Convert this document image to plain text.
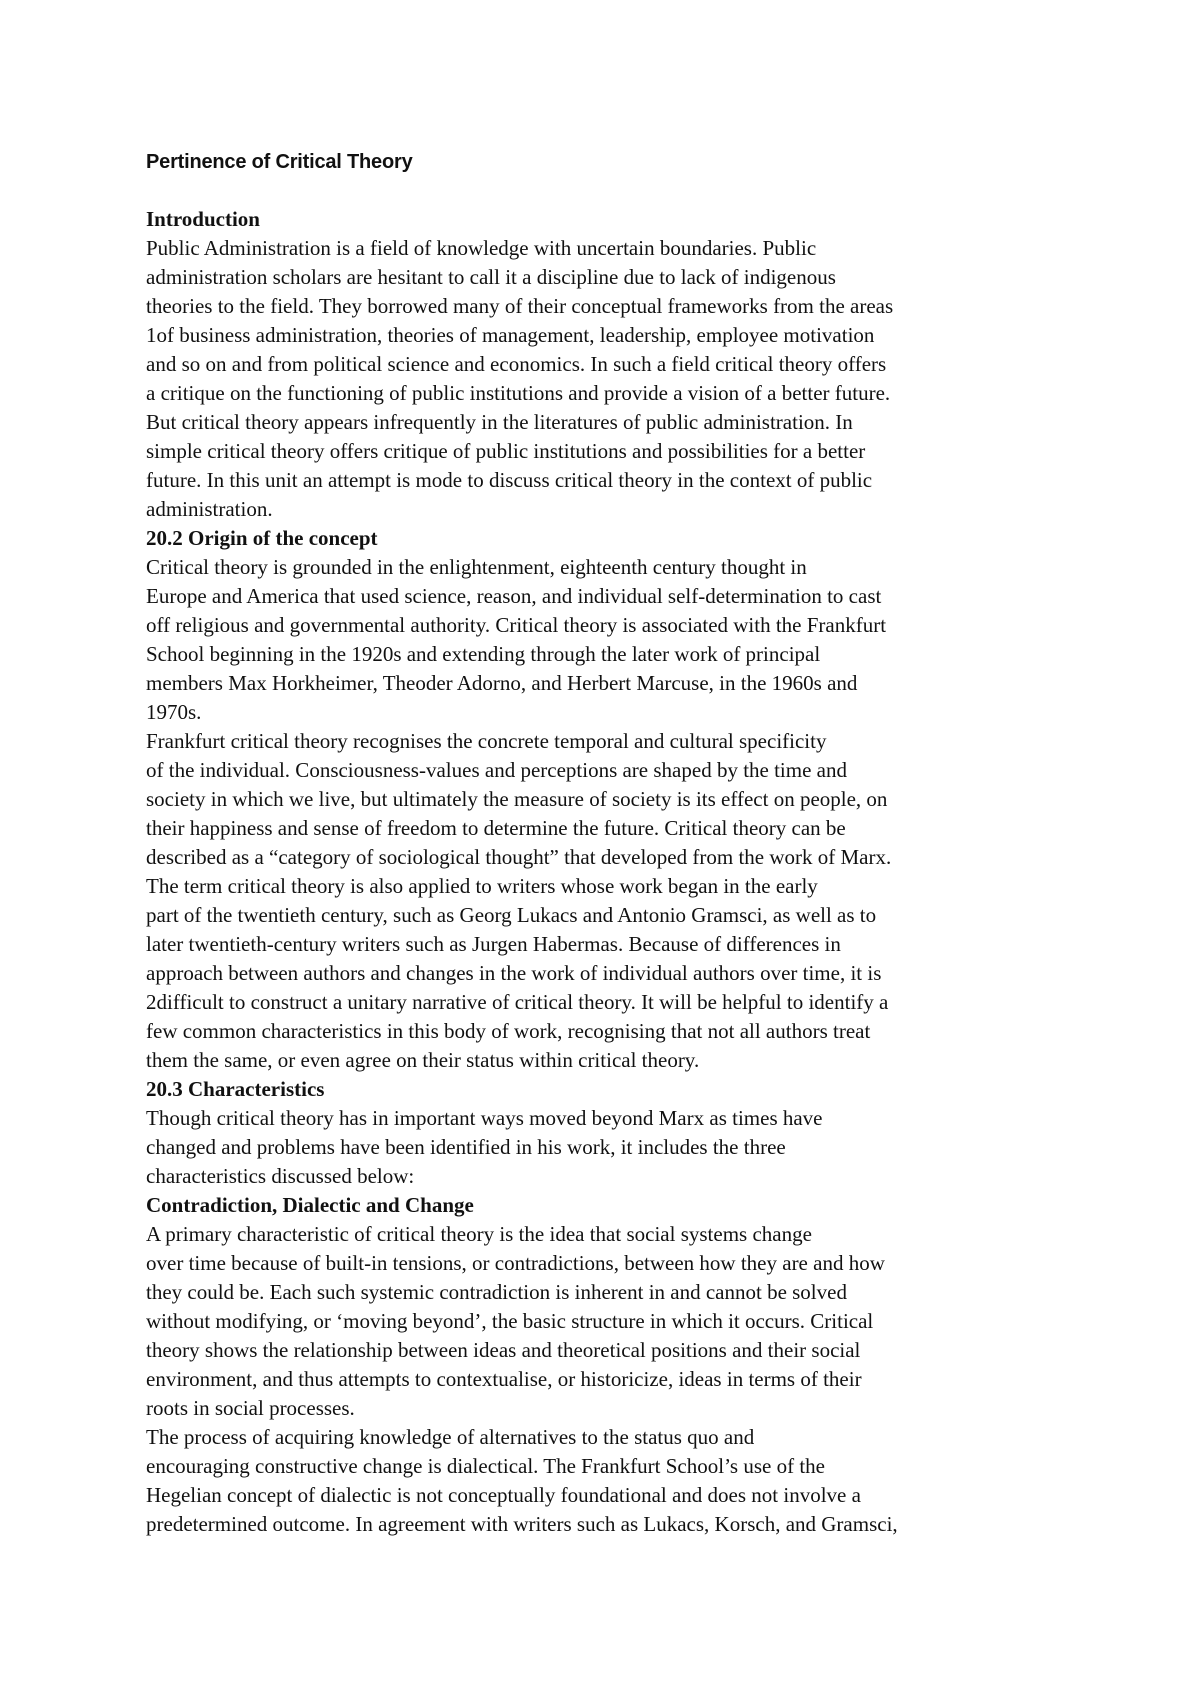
Pertinence of Critical Theory
Introduction
Public Administration is a field of knowledge with uncertain boundaries. Public
administration scholars are hesitant to call it a discipline due to lack of indigenous
theories to the field. They borrowed many of their conceptual frameworks from the areas
1of business administration, theories of management, leadership, employee motivation
and so on and from political science and economics. In such a field critical theory offers
a critique on the functioning of public institutions and provide a vision of a better future.
But critical theory appears infrequently in the literatures of public administration. In
simple critical theory offers critique of public institutions and possibilities for a better
future. In this unit an attempt is mode to discuss critical theory in the context of public
administration.
20.2 Origin of the concept
Critical theory is grounded in the enlightenment, eighteenth century thought in
Europe and America that used science, reason, and individual self-determination to cast
off religious and governmental authority. Critical theory is associated with the Frankfurt
School beginning in the 1920s and extending through the later work of principal
members Max Horkheimer, Theoder Adorno, and Herbert Marcuse, in the 1960s and
1970s.
Frankfurt critical theory recognises the concrete temporal and cultural specificity
of the individual. Consciousness-values and perceptions are shaped by the time and
society in which we live, but ultimately the measure of society is its effect on people, on
their happiness and sense of freedom to determine the future. Critical theory can be
described as a “category of sociological thought” that developed from the work of Marx.
The term critical theory is also applied to writers whose work began in the early
part of the twentieth century, such as Georg Lukacs and Antonio Gramsci, as well as to
later twentieth-century writers such as Jurgen Habermas. Because of differences in
approach between authors and changes in the work of individual authors over time, it is
2difficult to construct a unitary narrative of critical theory. It will be helpful to identify a
few common characteristics in this body of work, recognising that not all authors treat
them the same, or even agree on their status within critical theory.
20.3 Characteristics
Though critical theory has in important ways moved beyond Marx as times have
changed and problems have been identified in his work, it includes the three
characteristics discussed below:
Contradiction, Dialectic and Change
A primary characteristic of critical theory is the idea that social systems change
over time because of built-in tensions, or contradictions, between how they are and how
they could be. Each such systemic contradiction is inherent in and cannot be solved
without modifying, or ‘moving beyond’, the basic structure in which it occurs. Critical
theory shows the relationship between ideas and theoretical positions and their social
environment, and thus attempts to contextualise, or historicize, ideas in terms of their
roots in social processes.
The process of acquiring knowledge of alternatives to the status quo and
encouraging constructive change is dialectical. The Frankfurt School’s use of the
Hegelian concept of dialectic is not conceptually foundational and does not involve a
predetermined outcome. In agreement with writers such as Lukacs, Korsch, and Gramsci,
